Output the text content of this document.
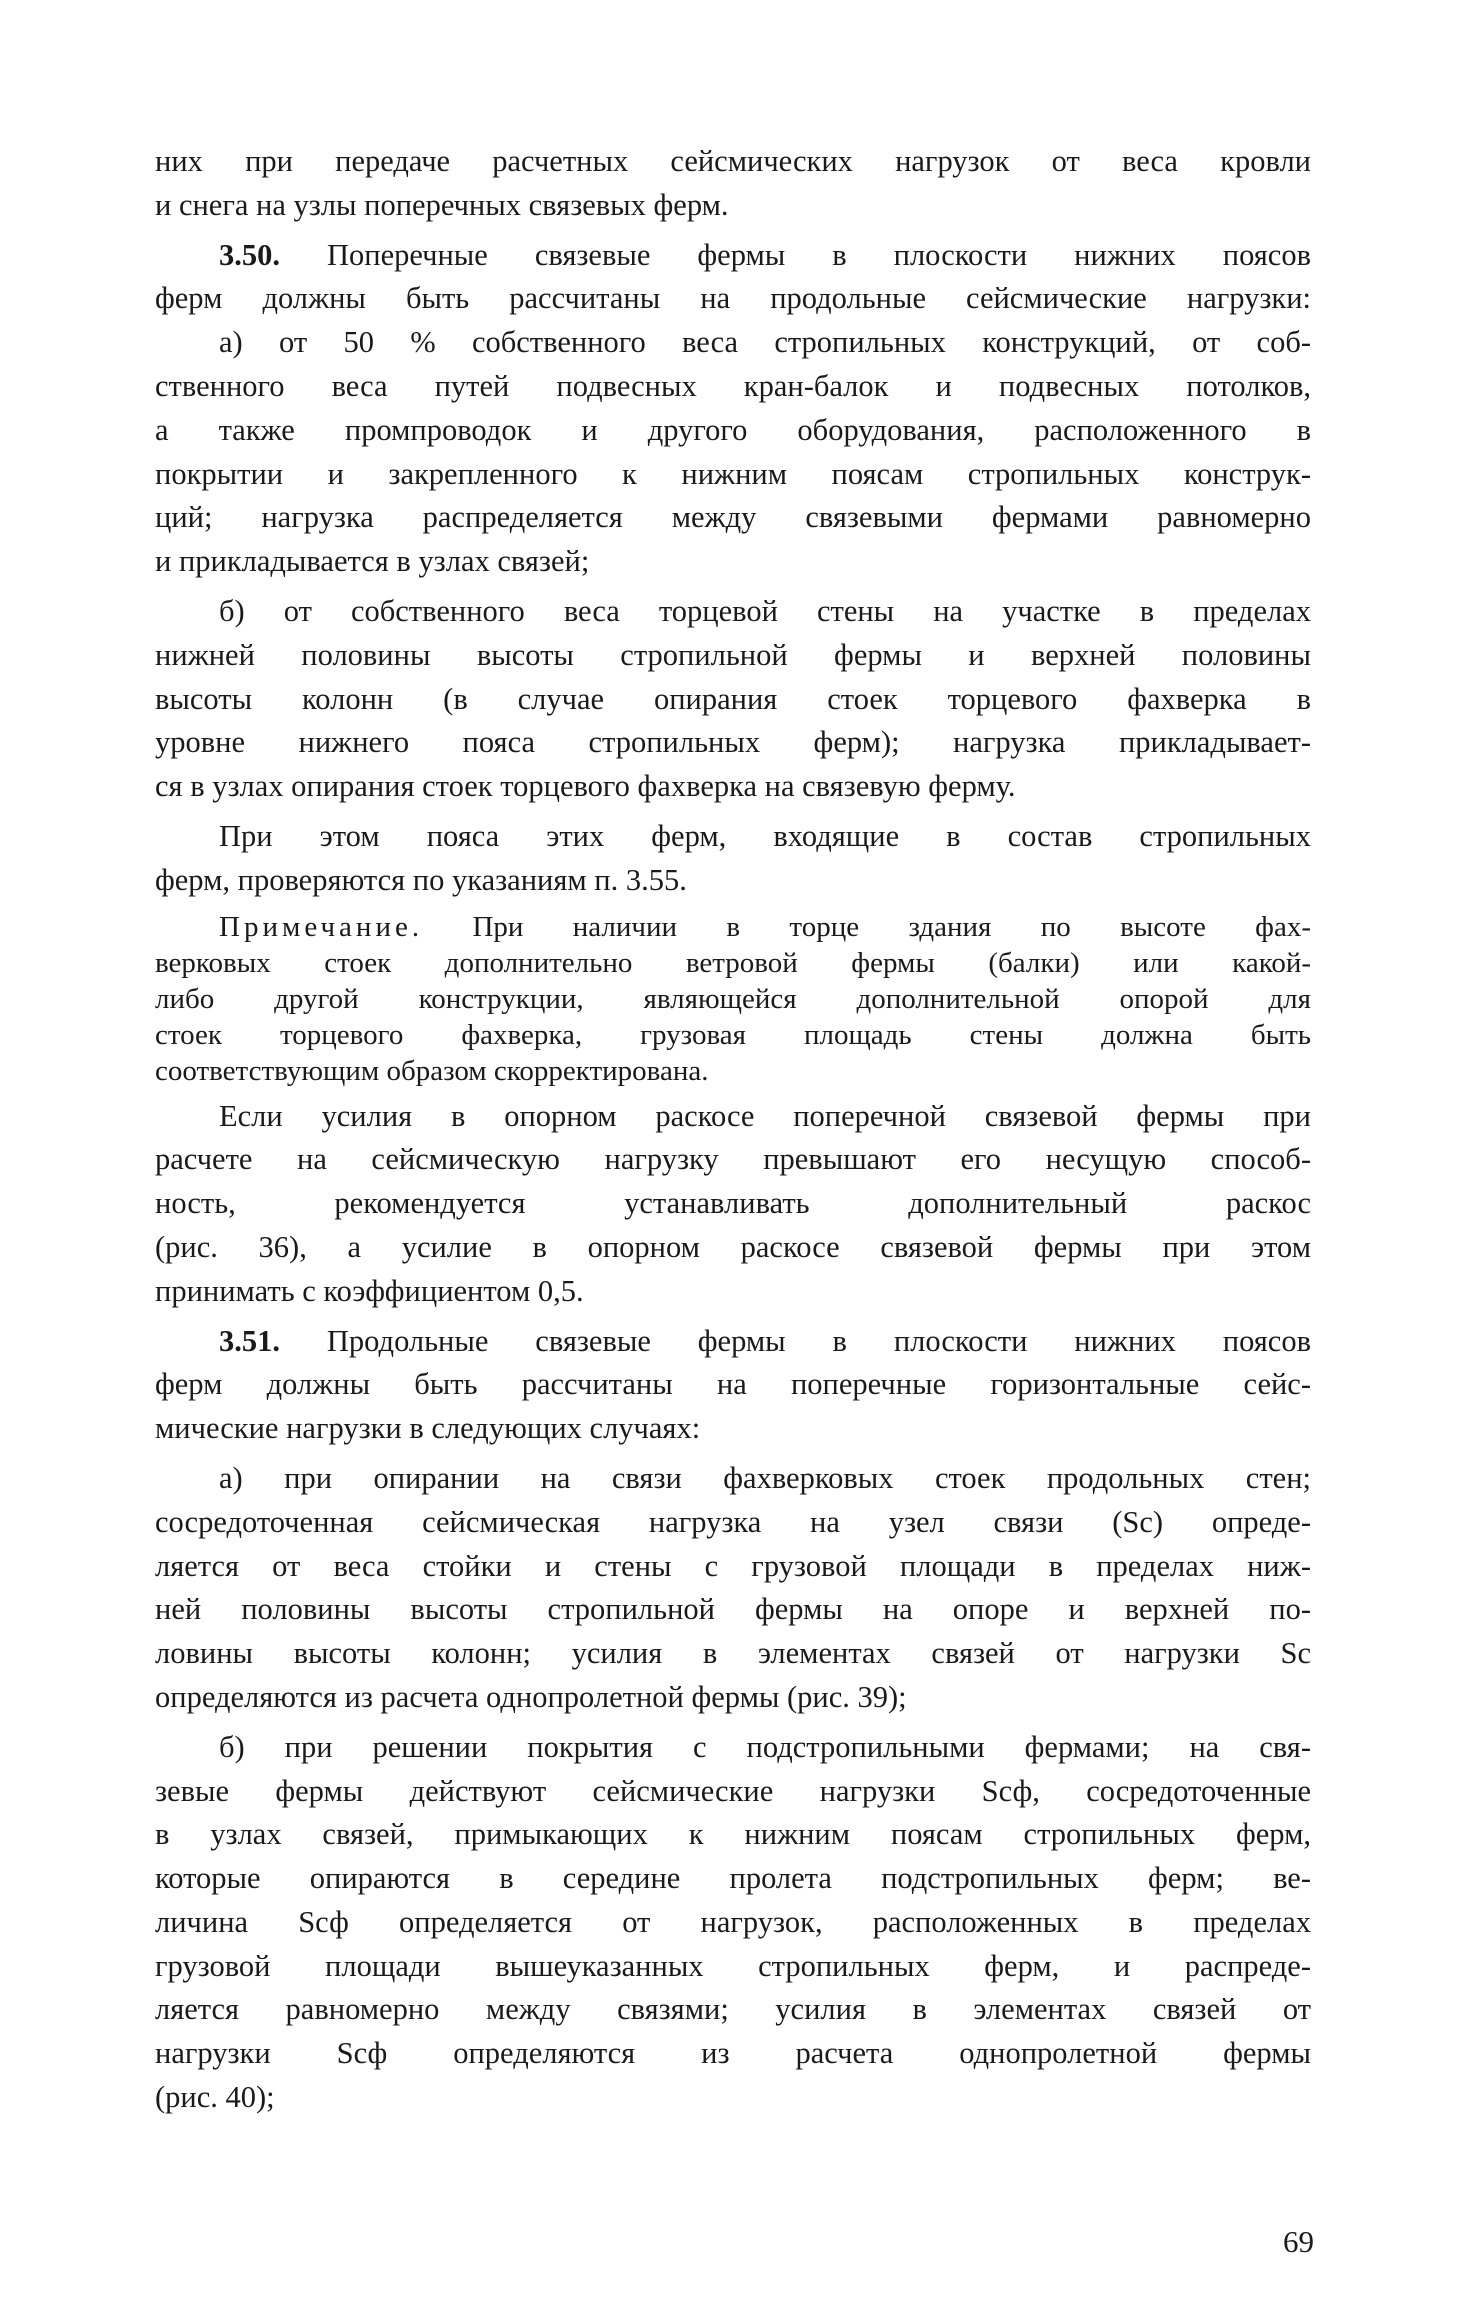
них при передаче расчетных сейсмических нагрузок от веса кровли
и снега на узлы поперечных связевых ферм.
3.50. Поперечные связевые фермы в плоскости нижних поясов
ферм должны быть рассчитаны на продольные сейсмические нагрузки:
а) от 50 % собственного веса стропильных конструкций, от соб-
ственного веса путей подвесных кран-балок и подвесных потолков,
а также промпроводок и другого оборудования, расположенного в
покрытии и закрепленного к нижним поясам стропильных конструк-
ций; нагрузка распределяется между связевыми фермами равномерно
и прикладывается в узлах связей;
б) от собственного веса торцевой стены на участке в пределах
нижней половины высоты стропильной фермы и верхней половины
высоты колонн (в случае опирания стоек торцевого фахверка в
уровне нижнего пояса стропильных ферм); нагрузка прикладывает-
ся в узлах опирания стоек торцевого фахверка на связевую ферму.
При этом пояса этих ферм, входящие в состав стропильных
ферм, проверяются по указаниям п. 3.55.
Примечание. При наличии в торце здания по высоте фах-
верковых стоек дополнительно ветровой фермы (балки) или какой-
либо другой конструкции, являющейся дополнительной опорой для
стоек торцевого фахверка, грузовая площадь стены должна быть
соответствующим образом скорректирована.
Если усилия в опорном раскосе поперечной связевой фермы при
расчете на сейсмическую нагрузку превышают его несущую способ-
ность, рекомендуется устанавливать дополнительный раскос
(рис. 36), а усилие в опорном раскосе связевой фермы при этом
принимать с коэффициентом 0,5.
3.51. Продольные связевые фермы в плоскости нижних поясов
ферм должны быть рассчитаны на поперечные горизонтальные сейс-
мические нагрузки в следующих случаях:
а) при опирании на связи фахверковых стоек продольных стен;
сосредоточенная сейсмическая нагрузка на узел связи (Sc) опреде-
ляется от веса стойки и стены с грузовой площади в пределах ниж-
ней половины высоты стропильной фермы на опоре и верхней по-
ловины высоты колонн; усилия в элементах связей от нагрузки Sc
определяются из расчета однопролетной фермы (рис. 39);
б) при решении покрытия с подстропильными фермами; на свя-
зевые фермы действуют сейсмические нагрузки Sсф, сосредоточенные
в узлах связей, примыкающих к нижним поясам стропильных ферм,
которые опираются в середине пролета подстропильных ферм; ве-
личина Sсф определяется от нагрузок, расположенных в пределах
грузовой площади вышеуказанных стропильных ферм, и распреде-
ляется равномерно между связями; усилия в элементах связей от
нагрузки Sсф определяются из расчета однопролетной фермы
(рис. 40);
69
